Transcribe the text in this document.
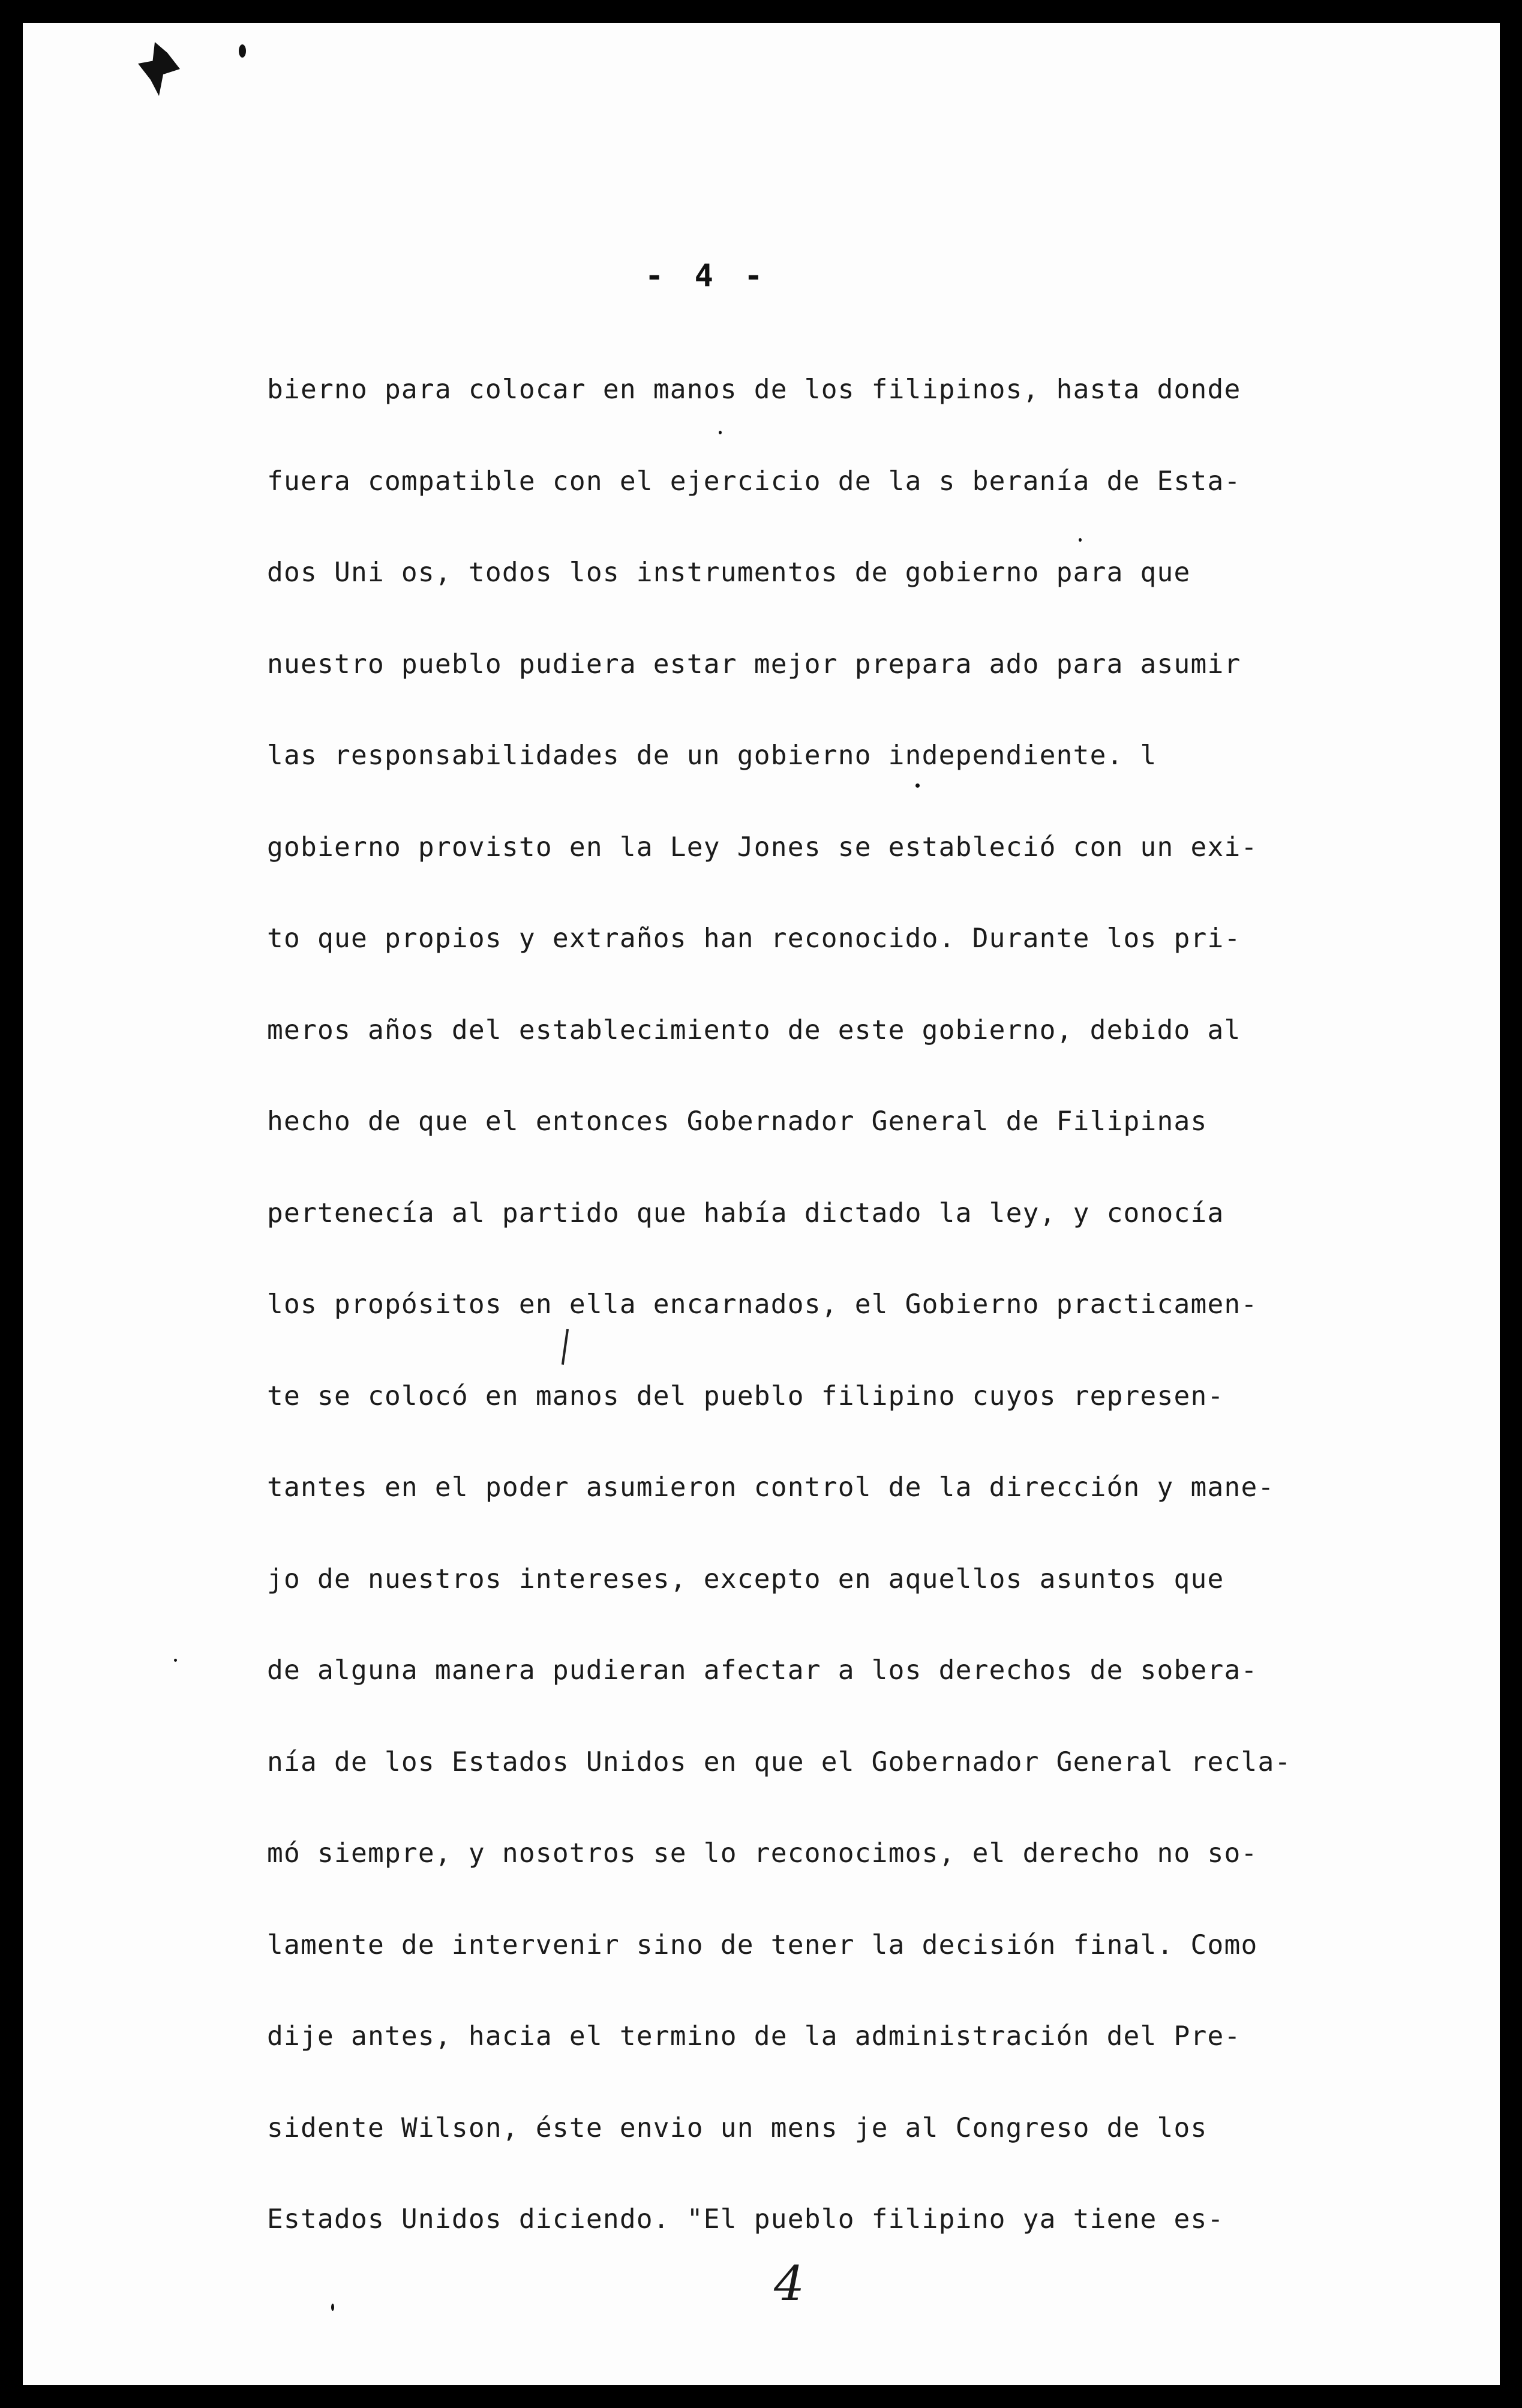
- 4 -
bierno para colocar en manos de los filipinos, hasta donde
fuera compatible con el ejercicio de la s beranía de Esta-
dos Uni os, todos los instrumentos de gobierno para que
nuestro pueblo pudiera estar mejor prepara ado para asumir
las responsabilidades de un gobierno independiente. l
gobierno provisto en la Ley Jones se estableció con un exi-
to que propios y extraños han reconocido. Durante los pri-
meros años del establecimiento de este gobierno, debido al
hecho de que el entonces Gobernador General de Filipinas
pertenecía al partido que había dictado la ley, y conocía
los propósitos en ella encarnados, el Gobierno practicamen-
te se colocó en manos del pueblo filipino cuyos represen-
tantes en el poder asumieron control de la dirección y mane-
jo de nuestros intereses, excepto en aquellos asuntos que
de alguna manera pudieran afectar a los derechos de sobera-
nía de los Estados Unidos en que el Gobernador General recla-
mó siempre, y nosotros se lo reconocimos, el derecho no so-
lamente de intervenir sino de tener la decisión final. Como
dije antes, hacia el termino de la administración del Pre-
sidente Wilson, éste envio un mens je al Congreso de los
Estados Unidos diciendo. "El pueblo filipino ya tiene es-
4
